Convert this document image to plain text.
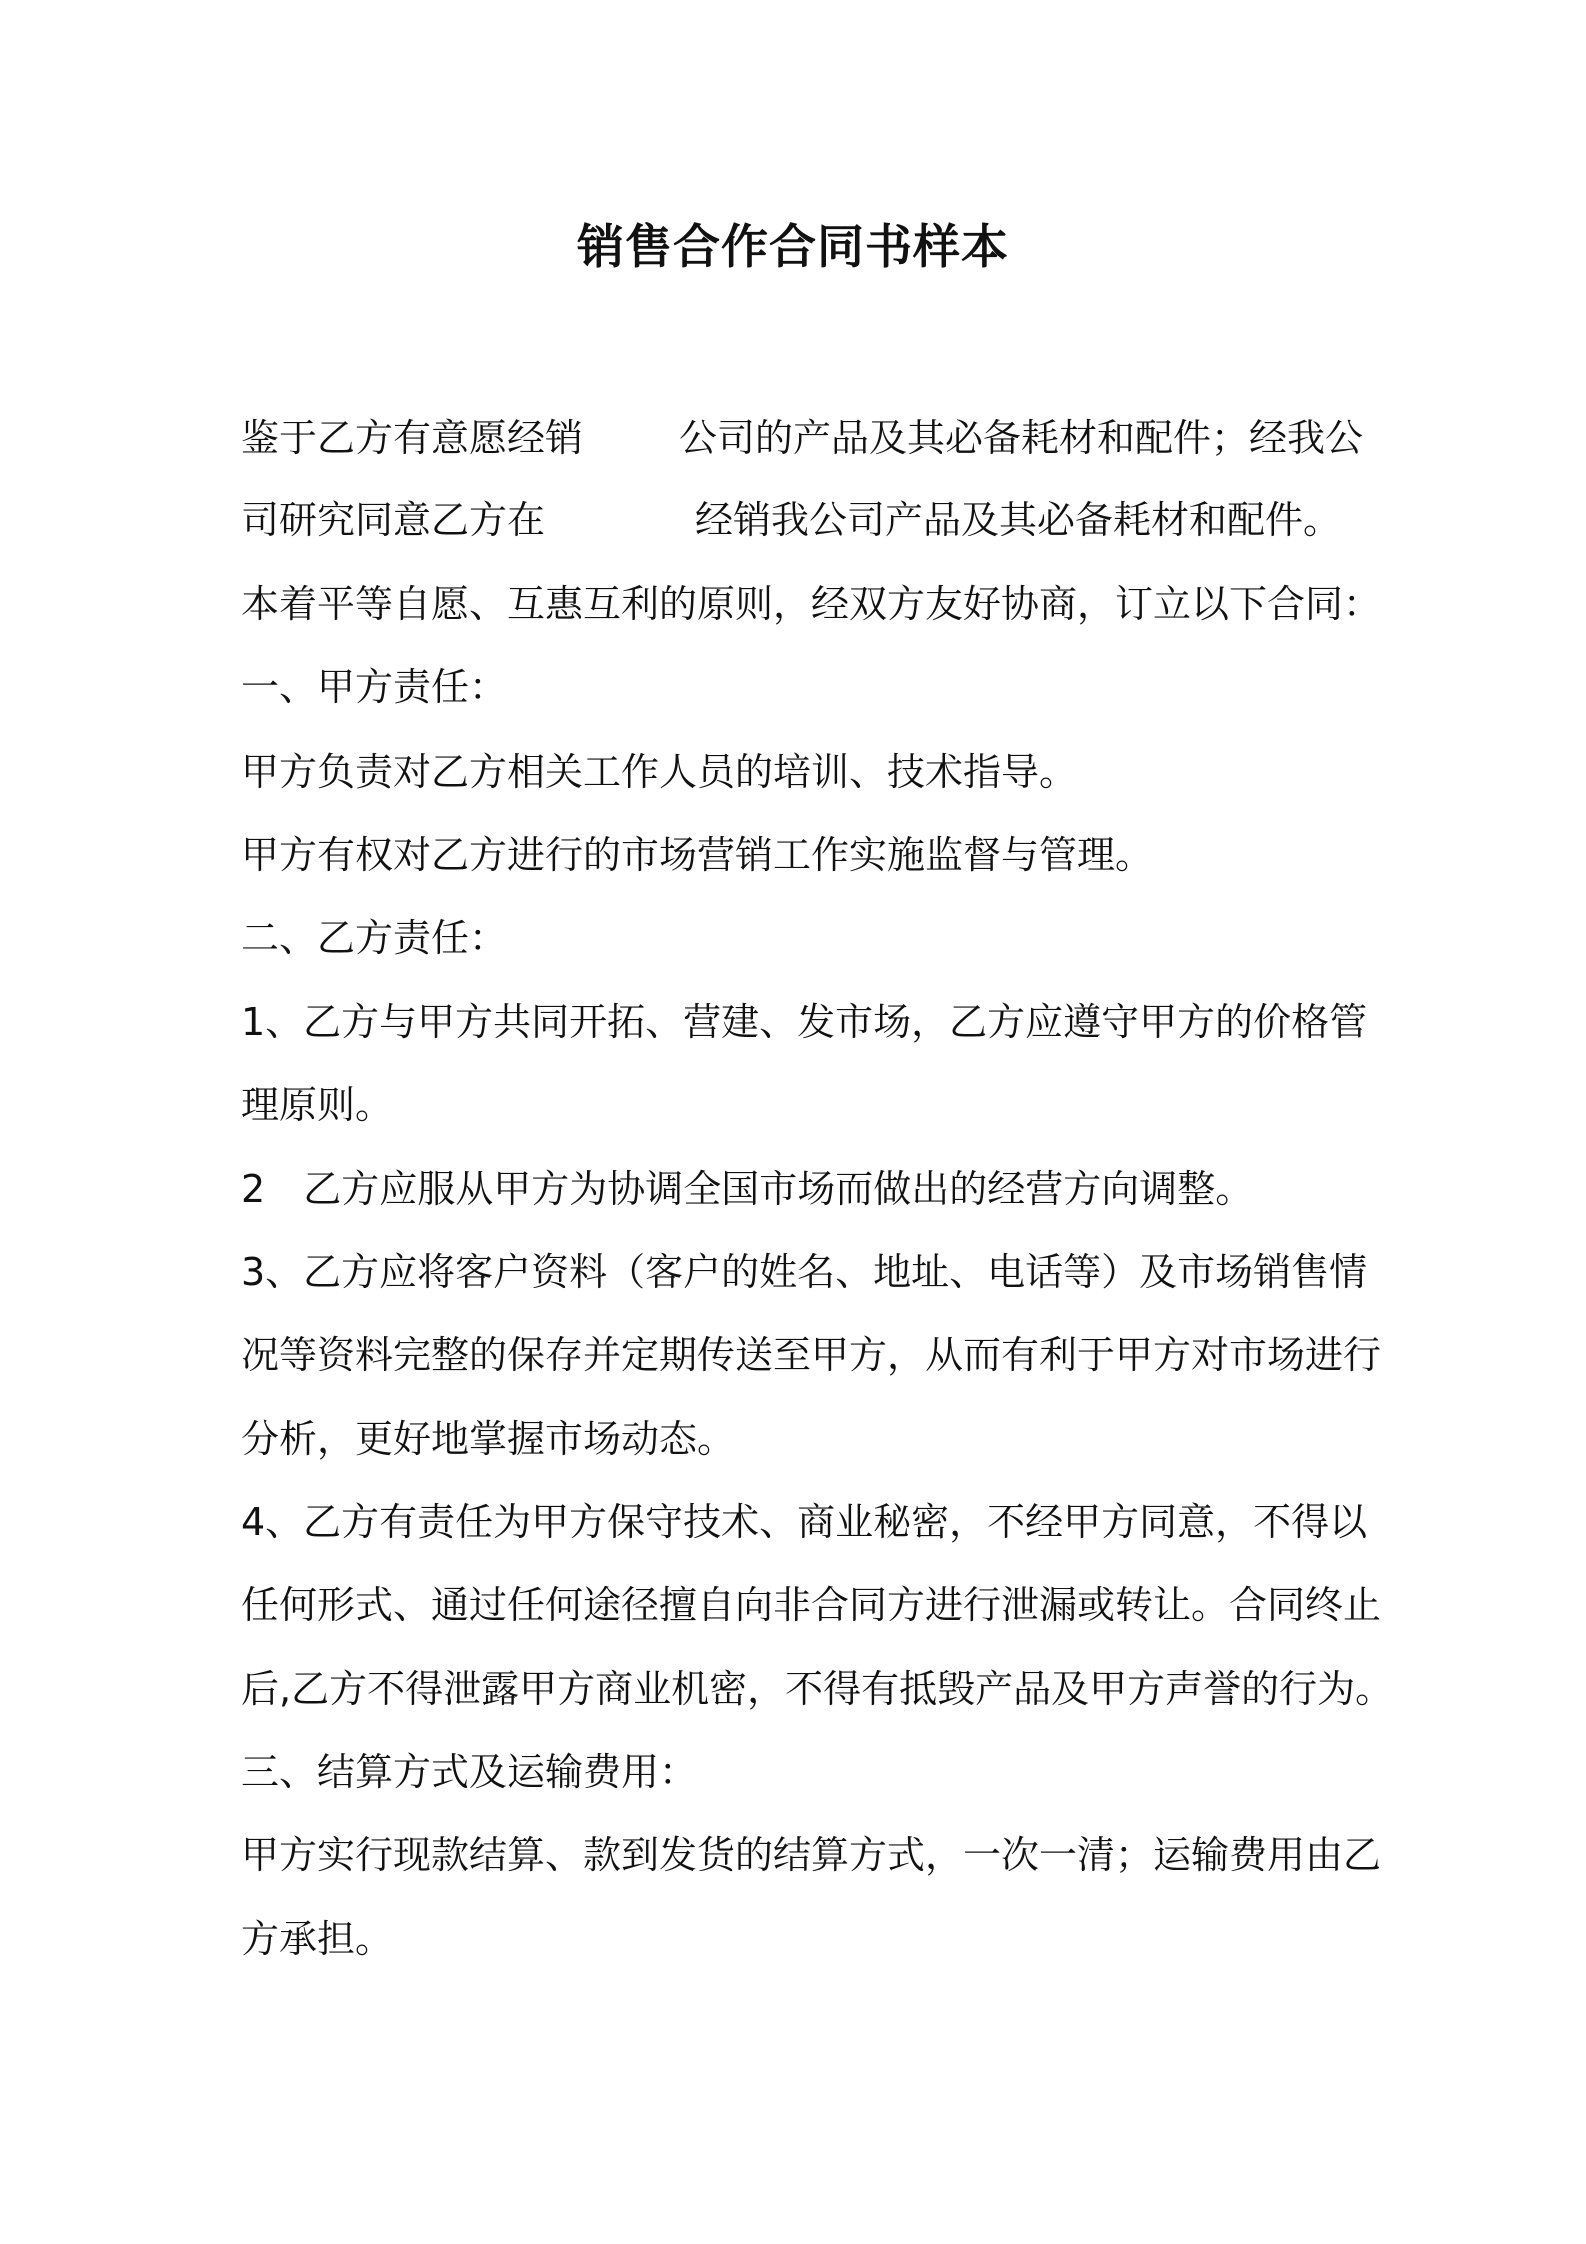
销售合作合同书样本
鉴于乙方有意愿经销	公司的产品及其必备耗材和配件；经我公
司研究同意乙方在	经销我公司产品及其必备耗材和配件。
本着平等自愿、互惠互利的原则，经双方友好协商，订立以下合同：
一、甲方责任：
甲方负责对乙方相关工作人员的培训、技术指导。
甲方有权对乙方进行的市场营销工作实施监督与管理。
二、乙方责任：
1、乙方与甲方共同开拓、营建、发市场，乙方应遵守甲方的价格管
理原则。
2 乙方应服从甲方为协调全国市场而做出的经营方向调整。
3、乙方应将客户资料（客户的姓名、地址、电话等）及市场销售情
况等资料完整的保存并定期传送至甲方，从而有利于甲方对市场进行
分析，更好地掌握市场动态。
4、乙方有责任为甲方保守技术、商业秘密，不经甲方同意，不得以
任何形式、通过任何途径擅自向非合同方进行泄漏或转让。合同终止
后,乙方不得泄露甲方商业机密，不得有抵毁产品及甲方声誉的行为。
三、结算方式及运输费用：
甲方实行现款结算、款到发货的结算方式，一次一清；运输费用由乙
方承担。
